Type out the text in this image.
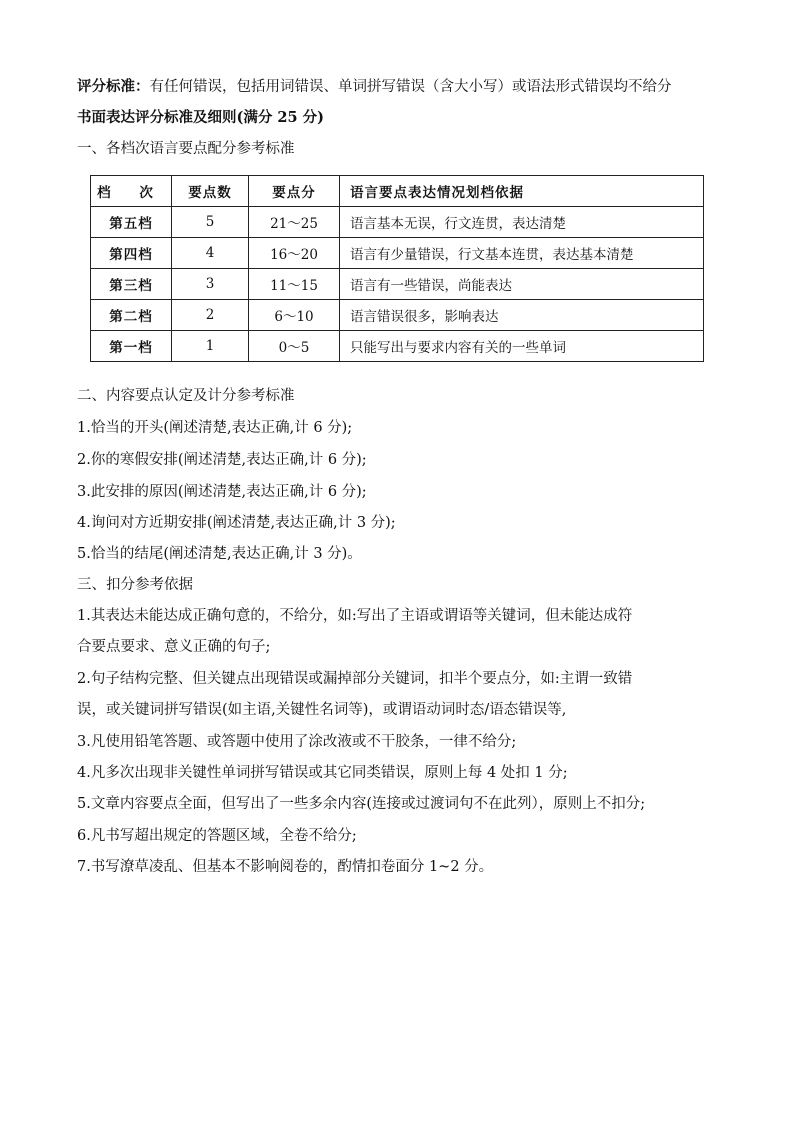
评分标准：有任何错误，包括用词错误、单词拼写错误（含大小写）或语法形式错误均不给分
书面表达评分标准及细则(满分 25 分)
一、各档次语言要点配分参考标准
档 次	要点数	要点分	语言要点表达情况划档依据
第五档	5	21～25	语言基本无误，行文连贯，表达清楚
第四档	4	16～20	语言有少量错误，行文基本连贯，表达基本清楚
第三档	3	11～15	语言有一些错误，尚能表达
第二档	2	6～10	语言错误很多，影响表达
第一档	1	0～5	只能写出与要求内容有关的一些单词
二、内容要点认定及计分参考标准
1.恰当的开头(阐述清楚,表达正确,计 6 分);
2.你的寒假安排(阐述清楚,表达正确,计 6 分);
3.此安排的原因(阐述清楚,表达正确,计 6 分);
4.询问对方近期安排(阐述清楚,表达正确,计 3 分);
5.恰当的结尾(阐述清楚,表达正确,计 3 分)。
三、扣分参考依据
1.其表达未能达成正确句意的，不给分，如:写出了主语或谓语等关键词，但未能达成符
合要点要求、意义正确的句子;
2.句子结构完整、但关键点出现错误或漏掉部分关键词，扣半个要点分，如:主谓一致错
误，或关键词拼写错误(如主语,关键性名词等)，或谓语动词时态/语态错误等,
3.凡使用铅笔答题、或答题中使用了涂改液或不干胶条，一律不给分;
4.凡多次出现非关键性单词拼写错误或其它同类错误，原则上每 4 处扣 1 分;
5.文章内容要点全面，但写出了一些多余内容(连接或过渡词句不在此列），原则上不扣分;
6.凡书写超出规定的答题区域，全卷不给分;
7.书写潦草凌乱、但基本不影响阅卷的，酌情扣卷面分 1~2 分。
